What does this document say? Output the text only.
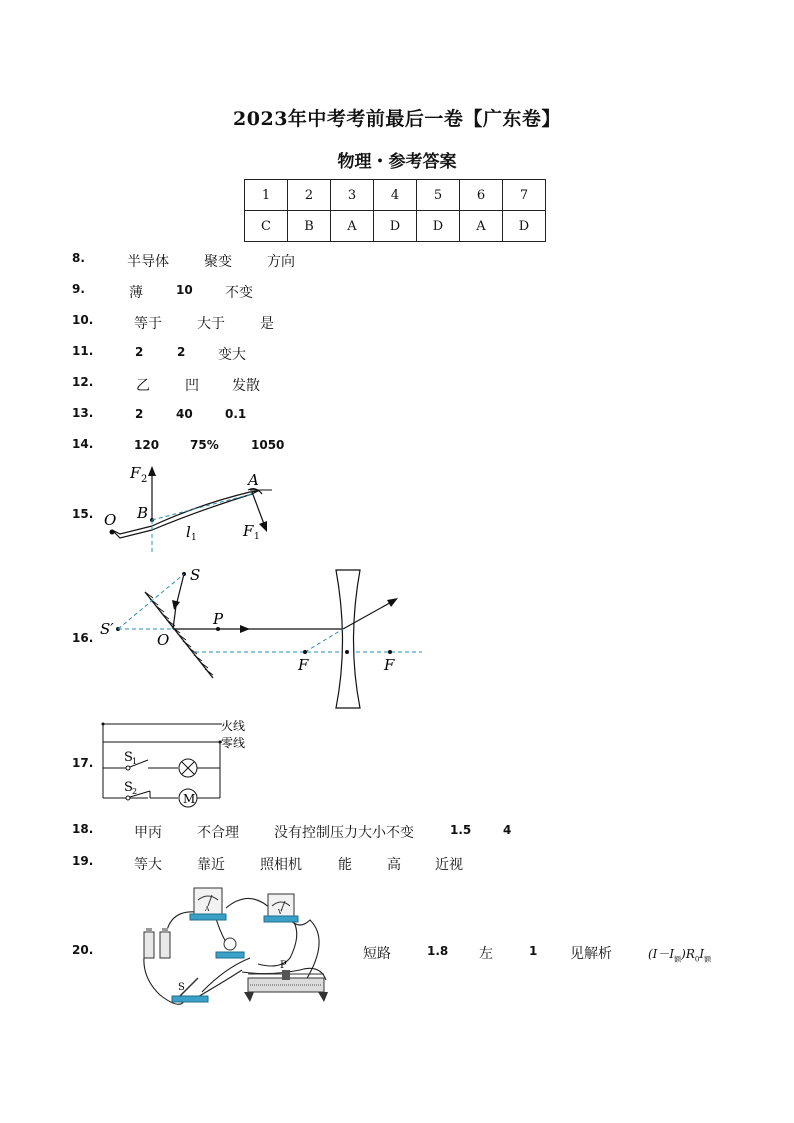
2023年中考考前最后一卷【广东卷】
物理・参考答案
1	2	3	4	5	6	7
C	B	A	D	D	A	D
8.	半导体	聚变	方向
9.	薄	10 不变
10.	等于	大于	是
11.	2	2 变大
12.	乙	凹 发散
13.	2	40	0.1
14.	120	75%	1050
15.
F 2	A
O B
l 1	F 1
16.
S
S′
P
O
F	F
17.
火线
零线
S 1
M
S 2
18.	甲丙	不合理	没有控制压力大小不变	1.5	4
19.	等大	靠近	照相机	能	高 近视
20.	短路	1.8 左	1 见解析	$(I-I_额)R_0I_额$
A	V
S
P
